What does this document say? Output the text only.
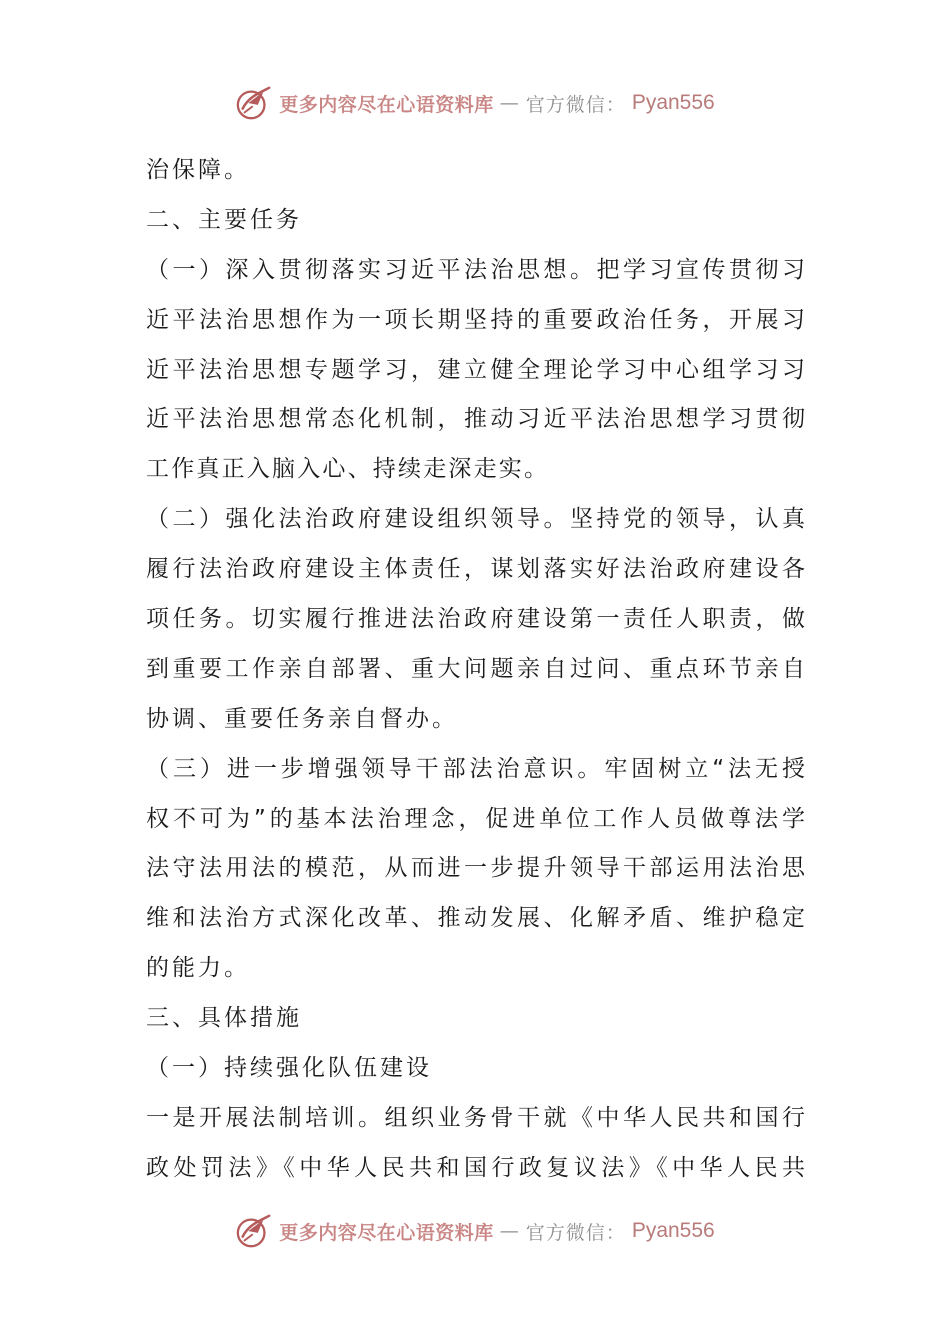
更多内容尽在心语资料库 — 官方微信： Pyan556
治保障。
二、主要任务
（一）深入贯彻落实习近平法治思想。把学习宣传贯彻习
近平法治思想作为一项长期坚持的重要政治任务，开展习
近平法治思想专题学习，建立健全理论学习中心组学习习
近平法治思想常态化机制，推动习近平法治思想学习贯彻
工作真正入脑入心、持续走深走实。
（二）强化法治政府建设组织领导。坚持党的领导，认真
履行法治政府建设主体责任，谋划落实好法治政府建设各
项任务。切实履行推进法治政府建设第一责任人职责，做
到重要工作亲自部署、重大问题亲自过问、重点环节亲自
协调、重要任务亲自督办。
（三）进一步增强领导干部法治意识。牢固树立“法无授
权不可为”的基本法治理念，促进单位工作人员做尊法学
法守法用法的模范，从而进一步提升领导干部运用法治思
维和法治方式深化改革、推动发展、化解矛盾、维护稳定
的能力。
三、具体措施
（一）持续强化队伍建设
一是开展法制培训。组织业务骨干就《中华人民共和国行
政处罚法》《中华人民共和国行政复议法》《中华人民共
更多内容尽在心语资料库 — 官方微信： Pyan556
